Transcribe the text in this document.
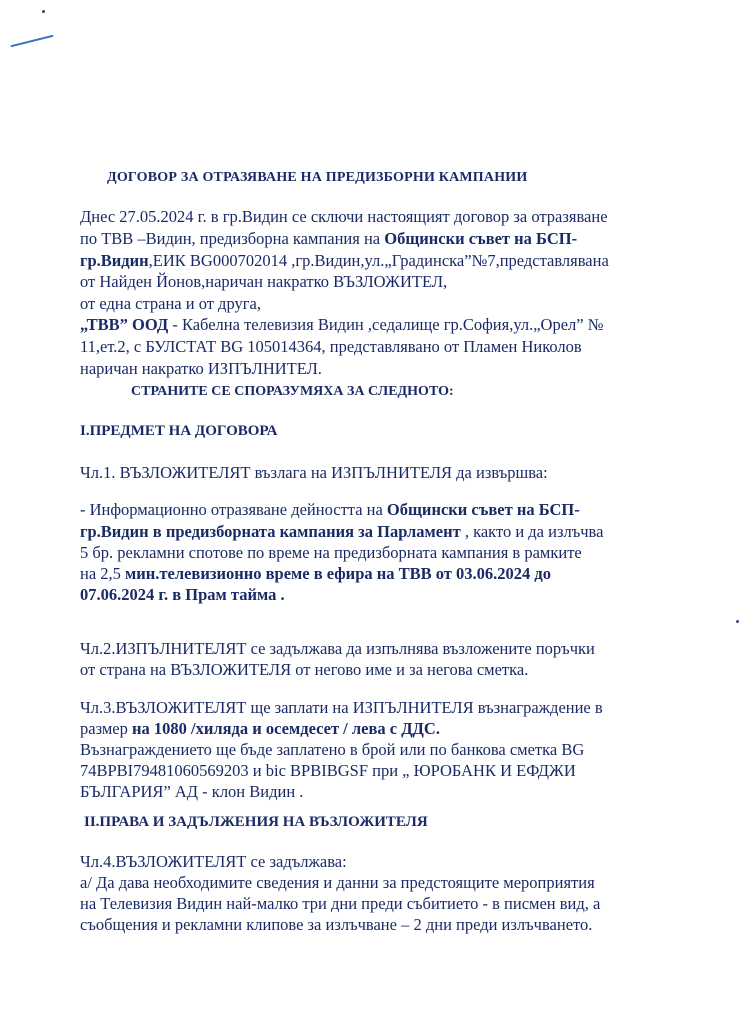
ДОГОВОР ЗА ОТРАЗЯВАНЕ НА ПРЕДИЗБОРНИ КАМПАНИИ
Днес 27.05.2024 г. в гр.Видин се сключи настоящият договор за отразяване
по ТВВ –Видин, предизборна кампания на Общински съвет на БСП-
гр.Видин,ЕИК BG000702014 ,гр.Видин,ул.„Градинска”№7,представлявана
от Найден Йонов,наричан накратко ВЪЗЛОЖИТЕЛ,
от една страна и от друга,
„ТВВ” ООД - Кабелна телевизия Видин ,седалище гр.София,ул.„Орел” №
11,ет.2, с БУЛСТАТ BG 105014364, представлявано от Пламен Николов
наричан накратко ИЗПЪЛНИТЕЛ.
СТРАНИТЕ СЕ СПОРАЗУМЯХА ЗА СЛЕДНОТО:
I.ПРЕДМЕТ НА ДОГОВОРА
Чл.1. ВЪЗЛОЖИТЕЛЯТ възлага на ИЗПЪЛНИТЕЛЯ да извършва:
- Информационно отразяване дейността на Общински съвет на БСП-
гр.Видин в предизборната кампания за Парламент , както и да излъчва
5 бр. рекламни спотове по време на предизборната кампания в рамките
на 2,5 мин.телевизионно време в ефира на ТВВ от 03.06.2024 до
07.06.2024 г. в Прам тайма .
Чл.2.ИЗПЪЛНИТЕЛЯТ се задължава да изпълнява възложените поръчки
от страна на ВЪЗЛОЖИТЕЛЯ от негово име и за негова сметка.
Чл.3.ВЪЗЛОЖИТЕЛЯТ ще заплати на ИЗПЪЛНИТЕЛЯ възнаграждение в
размер на 1080 /хиляда и осемдесет / лева с ДДС.
Възнаграждението ще бъде заплатено в брой или по банкова сметка BG
74BPBI79481060569203 и bic BPBIBGSF при „ ЮРОБАНК И ЕФДЖИ
БЪЛГАРИЯ” АД - клон Видин .
II.ПРАВА И ЗАДЪЛЖЕНИЯ НА ВЪЗЛОЖИТЕЛЯ
Чл.4.ВЪЗЛОЖИТЕЛЯТ се задължава:
а/ Да дава необходимите сведения и данни за предстоящите мероприятия
на Телевизия Видин най-малко три дни преди събитието - в писмен вид, а
съобщения и рекламни клипове за излъчване – 2 дни преди излъчването.
